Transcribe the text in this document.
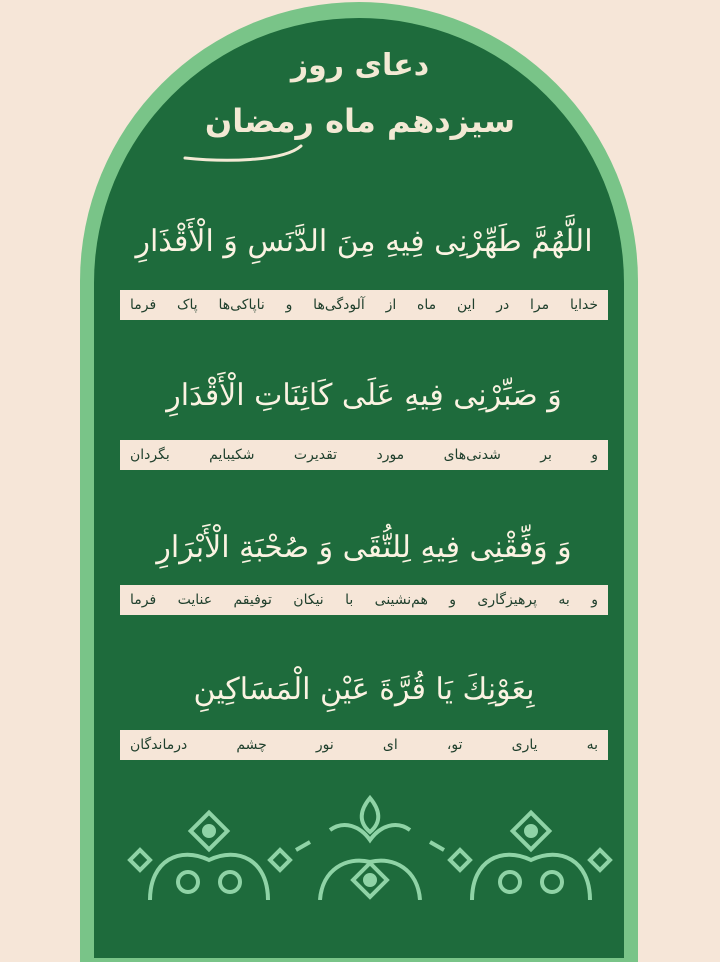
دعای روز
سیزدهم ماه رمضان
اللَّهُمَّ طَهِّرْنِی فِیهِ مِنَ الدَّنَسِ وَ الْأَقْذَارِ
خدایا مرا در این ماه از آلودگی‌ها و ناپاکی‌ها پاک فرما
وَ صَبِّرْنِی فِیهِ عَلَی كَائِنَاتِ الْأَقْدَارِ
و بر شدنی‌های مورد تقدیرت شکیبایم بگردان
وَ وَفِّقْنِی فِیهِ لِلتُّقَی وَ صُحْبَةِ الْأَبْرَارِ
و به پرهیزگاری و هم‌نشینی با نیکان توفیقم عنایت فرما
بِعَوْنِكَ یَا قُرَّةَ عَیْنِ الْمَسَاكِینِ
به یاری تو، ای نور چشم درماندگان
